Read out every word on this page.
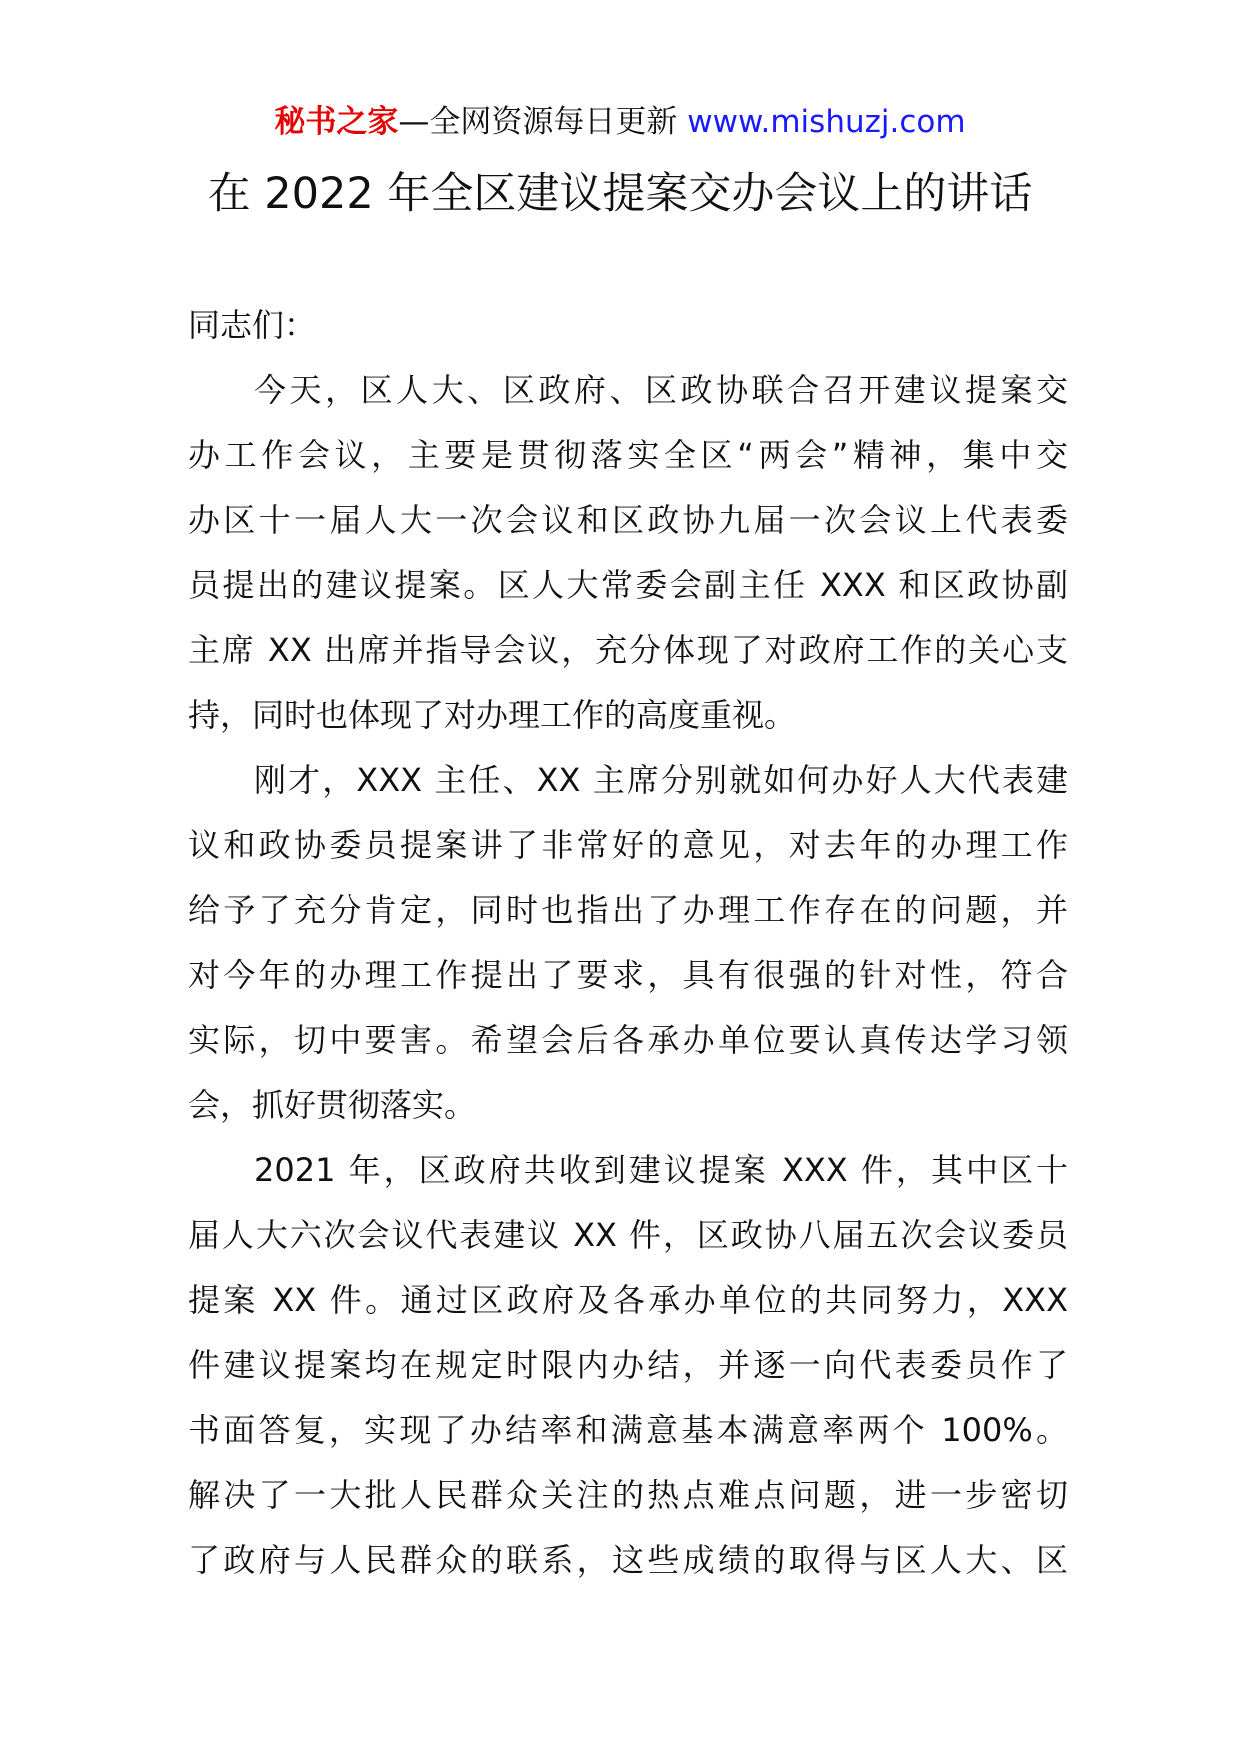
秘书之家—全网资源每日更新 www.mishuzj.com
在 2022 年全区建议提案交办会议上的讲话
同志们：
今天，区人大、区政府、区政协联合召开建议提案交
办工作会议，主要是贯彻落实全区“两会”精神，集中交
办区十一届人大一次会议和区政协九届一次会议上代表委
员提出的建议提案。区人大常委会副主任 XXX 和区政协副
主席 XX 出席并指导会议，充分体现了对政府工作的关心支
持，同时也体现了对办理工作的高度重视。
刚才，XXX 主任、XX 主席分别就如何办好人大代表建
议和政协委员提案讲了非常好的意见，对去年的办理工作
给予了充分肯定，同时也指出了办理工作存在的问题，并
对今年的办理工作提出了要求，具有很强的针对性，符合
实际，切中要害。希望会后各承办单位要认真传达学习领
会，抓好贯彻落实。
2021 年，区政府共收到建议提案 XXX 件，其中区十
届人大六次会议代表建议 XX 件，区政协八届五次会议委员
提案 XX 件。通过区政府及各承办单位的共同努力，XXX
件建议提案均在规定时限内办结，并逐一向代表委员作了
书面答复，实现了办结率和满意基本满意率两个 100%。
解决了一大批人民群众关注的热点难点问题，进一步密切
了政府与人民群众的联系，这些成绩的取得与区人大、区
